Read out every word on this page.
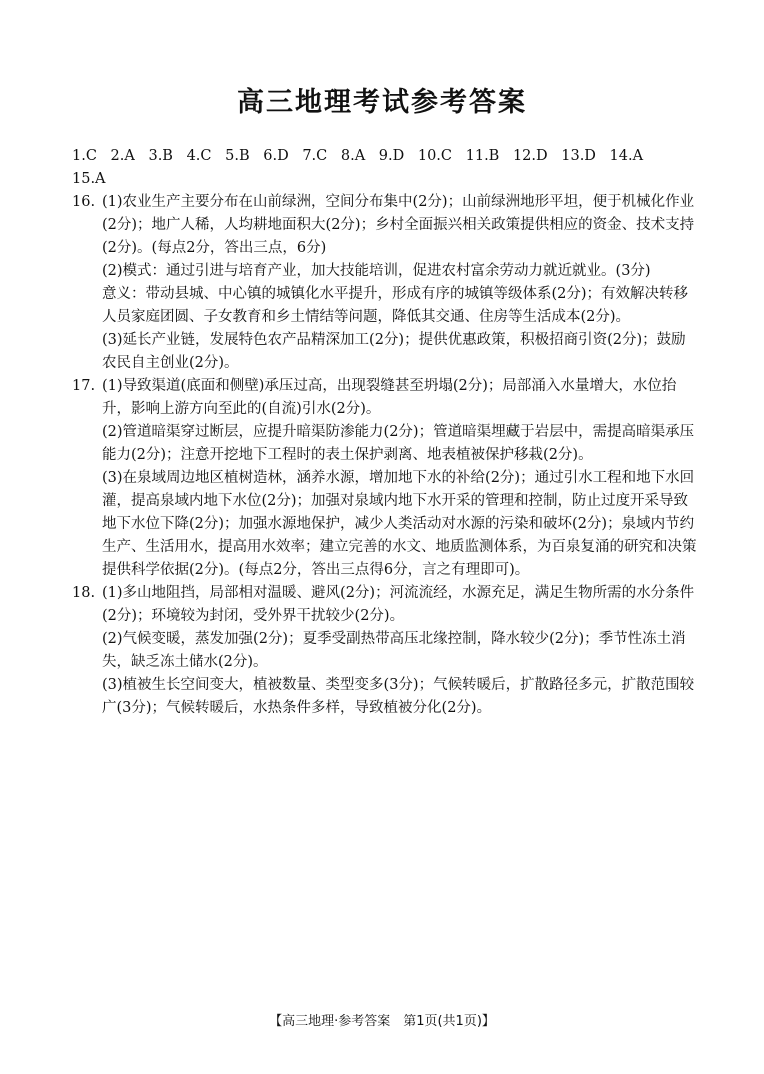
高三地理考试参考答案
1.C 2.A 3.B 4.C 5.B 6.D 7.C 8.A 9.D 10.C 11.B 12.D 13.D 14.A
15.A
16. (1)农业生产主要分布在山前绿洲，空间分布集中(2分)；山前绿洲地形平坦，便于机械化作业(2分)；地广人稀，人均耕地面积大(2分)；乡村全面振兴相关政策提供相应的资金、技术支持(2分)。(每点2分，答出三点，6分)
(2)模式：通过引进与培育产业，加大技能培训，促进农村富余劳动力就近就业。(3分)
意义：带动县城、中心镇的城镇化水平提升，形成有序的城镇等级体系(2分)；有效解决转移人员家庭团圆、子女教育和乡土情结等问题，降低其交通、住房等生活成本(2分)。
(3)延长产业链，发展特色农产品精深加工(2分)；提供优惠政策，积极招商引资(2分)；鼓励农民自主创业(2分)。
17. (1)导致渠道(底面和侧壁)承压过高，出现裂缝甚至坍塌(2分)；局部涌入水量增大，水位抬升，影响上游方向至此的(自流)引水(2分)。
(2)管道暗渠穿过断层，应提升暗渠防渗能力(2分)；管道暗渠埋藏于岩层中，需提高暗渠承压能力(2分)；注意开挖地下工程时的表土保护剥离、地表植被保护移栽(2分)。
(3)在泉域周边地区植树造林，涵养水源，增加地下水的补给(2分)；通过引水工程和地下水回灌，提高泉域内地下水位(2分)；加强对泉域内地下水开采的管理和控制，防止过度开采导致地下水位下降(2分)；加强水源地保护，减少人类活动对水源的污染和破坏(2分)；泉域内节约生产、生活用水，提高用水效率；建立完善的水文、地质监测体系，为百泉复涌的研究和决策提供科学依据(2分)。(每点2分，答出三点得6分，言之有理即可)。
18. (1)多山地阻挡，局部相对温暖、避风(2分)；河流流经，水源充足，满足生物所需的水分条件(2分)；环境较为封闭，受外界干扰较少(2分)。
(2)气候变暖，蒸发加强(2分)；夏季受副热带高压北缘控制，降水较少(2分)；季节性冻土消失，缺乏冻土储水(2分)。
(3)植被生长空间变大，植被数量、类型变多(3分)；气候转暖后，扩散路径多元，扩散范围较广(3分)；气候转暖后，水热条件多样，导致植被分化(2分)。
【高三地理·参考答案　第1页(共1页)】
